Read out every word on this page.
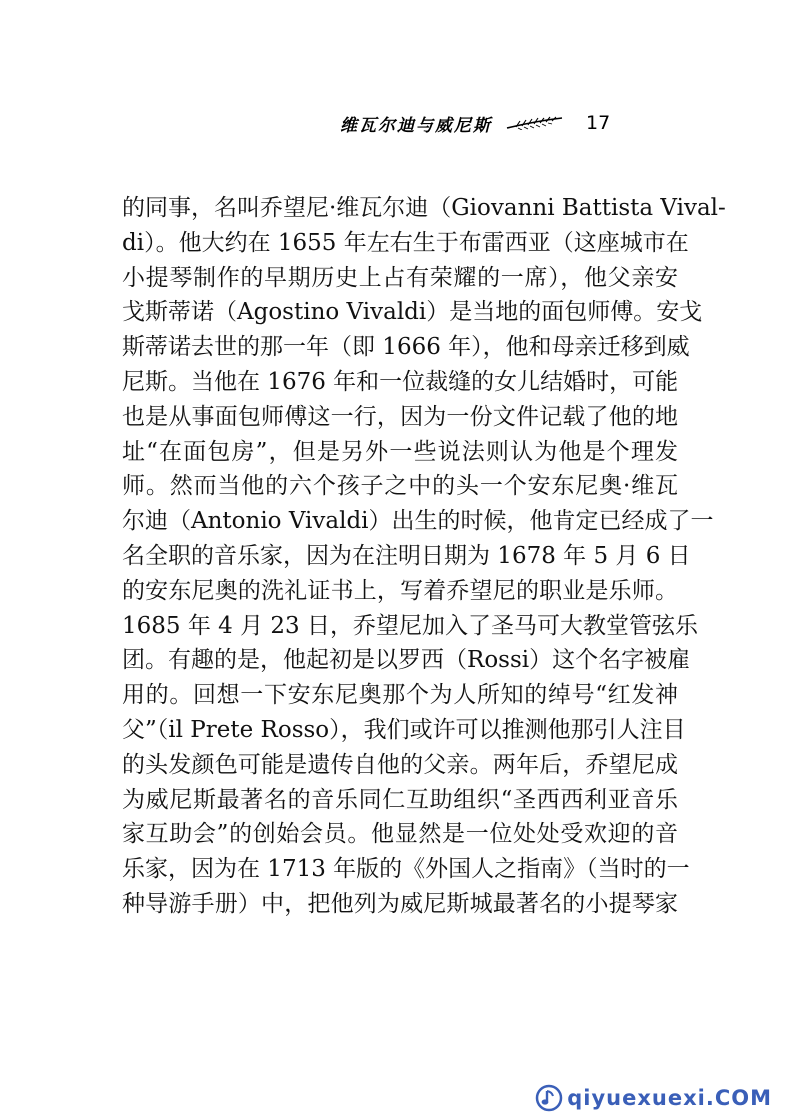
维瓦尔迪与威尼斯	17
的同事，名叫乔望尼·维瓦尔迪（Giovanni Battista Vival-
di）。他大约在 1655 年左右生于布雷西亚（这座城市在
小提琴制作的早期历史上占有荣耀的一席），他父亲安
戈斯蒂诺（Agostino Vivaldi）是当地的面包师傅。安戈
斯蒂诺去世的那一年（即 1666 年），他和母亲迁移到威
尼斯。当他在 1676 年和一位裁缝的女儿结婚时，可能
也是从事面包师傅这一行，因为一份文件记载了他的地
址“在面包房”，但是另外一些说法则认为他是个理发
师。然而当他的六个孩子之中的头一个安东尼奥·维瓦
尔迪（Antonio Vivaldi）出生的时候，他肯定已经成了一
名全职的音乐家，因为在注明日期为 1678 年 5 月 6 日
的安东尼奥的洗礼证书上，写着乔望尼的职业是乐师。
1685 年 4 月 23 日，乔望尼加入了圣马可大教堂管弦乐
团。有趣的是，他起初是以罗西（Rossi）这个名字被雇
用的。回想一下安东尼奥那个为人所知的绰号“红发神
父”（il Prete Rosso），我们或许可以推测他那引人注目
的头发颜色可能是遗传自他的父亲。两年后，乔望尼成
为威尼斯最著名的音乐同仁互助组织“圣西西利亚音乐
家互助会”的创始会员。他显然是一位处处受欢迎的音
乐家，因为在 1713 年版的《外国人之指南》（当时的一
种导游手册）中，把他列为威尼斯城最著名的小提琴家
qiyuexuexi.COM
